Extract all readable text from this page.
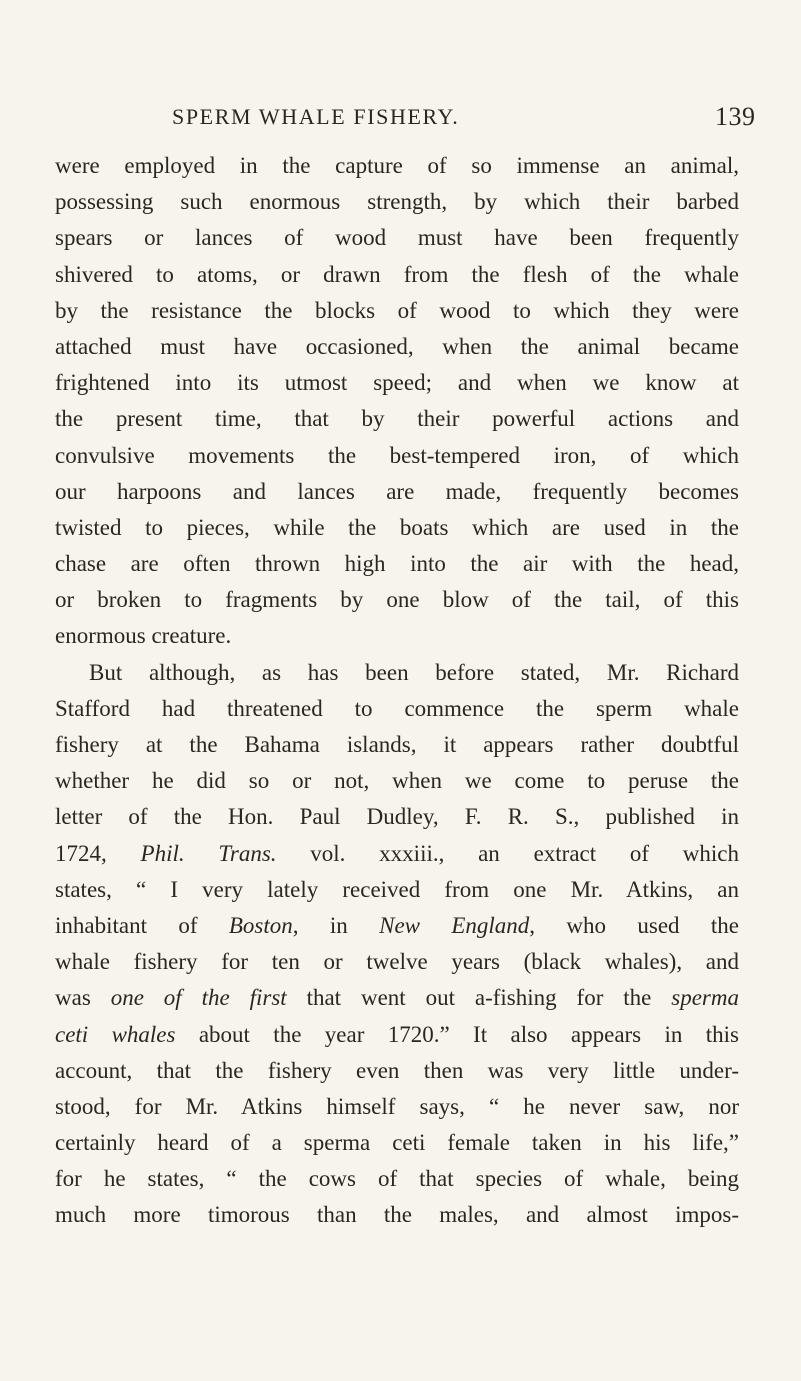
SPERM WHALE FISHERY.	139
were employed in the capture of so immense an animal,
possessing such enormous strength, by which their barbed
spears or lances of wood must have been frequently
shivered to atoms, or drawn from the flesh of the whale
by the resistance the blocks of wood to which they were
attached must have occasioned, when the animal became
frightened into its utmost speed; and when we know at
the present time, that by their powerful actions and
convulsive movements the best-tempered iron, of which
our harpoons and lances are made, frequently becomes
twisted to pieces, while the boats which are used in the
chase are often thrown high into the air with the head,
or broken to fragments by one blow of the tail, of this
enormous creature.
But although, as has been before stated, Mr. Richard
Stafford had threatened to commence the sperm whale
fishery at the Bahama islands, it appears rather doubtful
whether he did so or not, when we come to peruse the
letter of the Hon. Paul Dudley, F. R. S., published in
1724, Phil. Trans. vol. xxxiii., an extract of which
states, “ I very lately received from one Mr. Atkins, an
inhabitant of Boston, in New England, who used the
whale fishery for ten or twelve years (black whales), and
was one of the first that went out a-fishing for the sperma
ceti whales about the year 1720.” It also appears in this
account, that the fishery even then was very little under-
stood, for Mr. Atkins himself says, “ he never saw, nor
certainly heard of a sperma ceti female taken in his life,”
for he states, “ the cows of that species of whale, being
much more timorous than the males, and almost impos-
